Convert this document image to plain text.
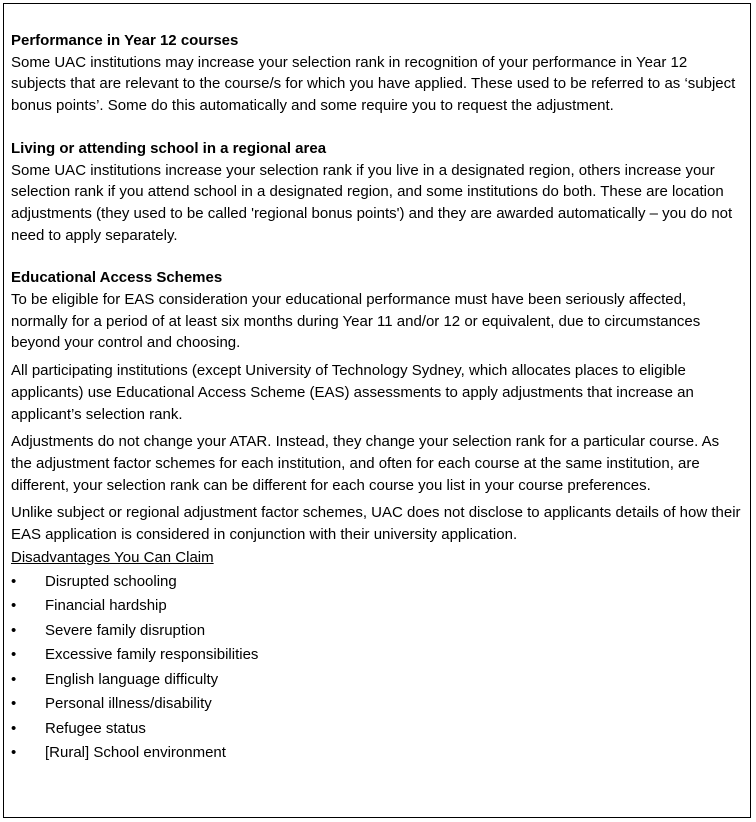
Performance in Year 12 courses

Some UAC institutions may increase your selection rank in recognition of your performance in Year 12 subjects that are relevant to the course/s for which you have applied. These used to be referred to as ‘subject bonus points’. Some do this automatically and some require you to request the adjustment.

Living or attending school in a regional area

Some UAC institutions increase your selection rank if you live in a designated region, others increase your selection rank if you attend school in a designated region, and some institutions do both. These are location adjustments (they used to be called 'regional bonus points') and they are awarded automatically – you do not need to apply separately.

Educational Access Schemes

To be eligible for EAS consideration your educational performance must have been seriously affected, normally for a period of at least six months during Year 11 and/or 12 or equivalent, due to circumstances beyond your control and choosing.

All participating institutions (except University of Technology Sydney, which allocates places to eligible applicants) use Educational Access Scheme (EAS) assessments to apply adjustments that increase an applicant’s selection rank.

Adjustments do not change your ATAR. Instead, they change your selection rank for a particular course. As the adjustment factor schemes for each institution, and often for each course at the same institution, are different, your selection rank can be different for each course you list in your course preferences.

Unlike subject or regional adjustment factor schemes, UAC does not disclose to applicants details of how their EAS application is considered in conjunction with their university application.

Disadvantages You Can Claim

•	Disrupted schooling
•	Financial hardship
•	Severe family disruption
•	Excessive family responsibilities
•	English language difficulty
•	Personal illness/disability
•	Refugee status
•	[Rural] School environment
